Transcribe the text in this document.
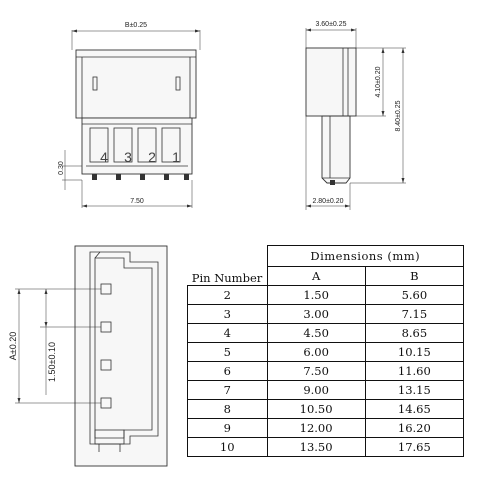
B±0.25
4 3 2 1
0.30
7.50
3.60±0.25
4.10±0.20
8.40±0.25
2.80±0.20
A±0.20	1.50±0.10
Pin Number	Dimensions (mm)	
	A	B
2	1.50	5.60
3	3.00	7.15
4	4.50	8.65
5	6.00	10.15
6	7.50	11.60
7	9.00	13.15
8	10.50	14.65
9	12.00	16.20
10	13.50	17.65
